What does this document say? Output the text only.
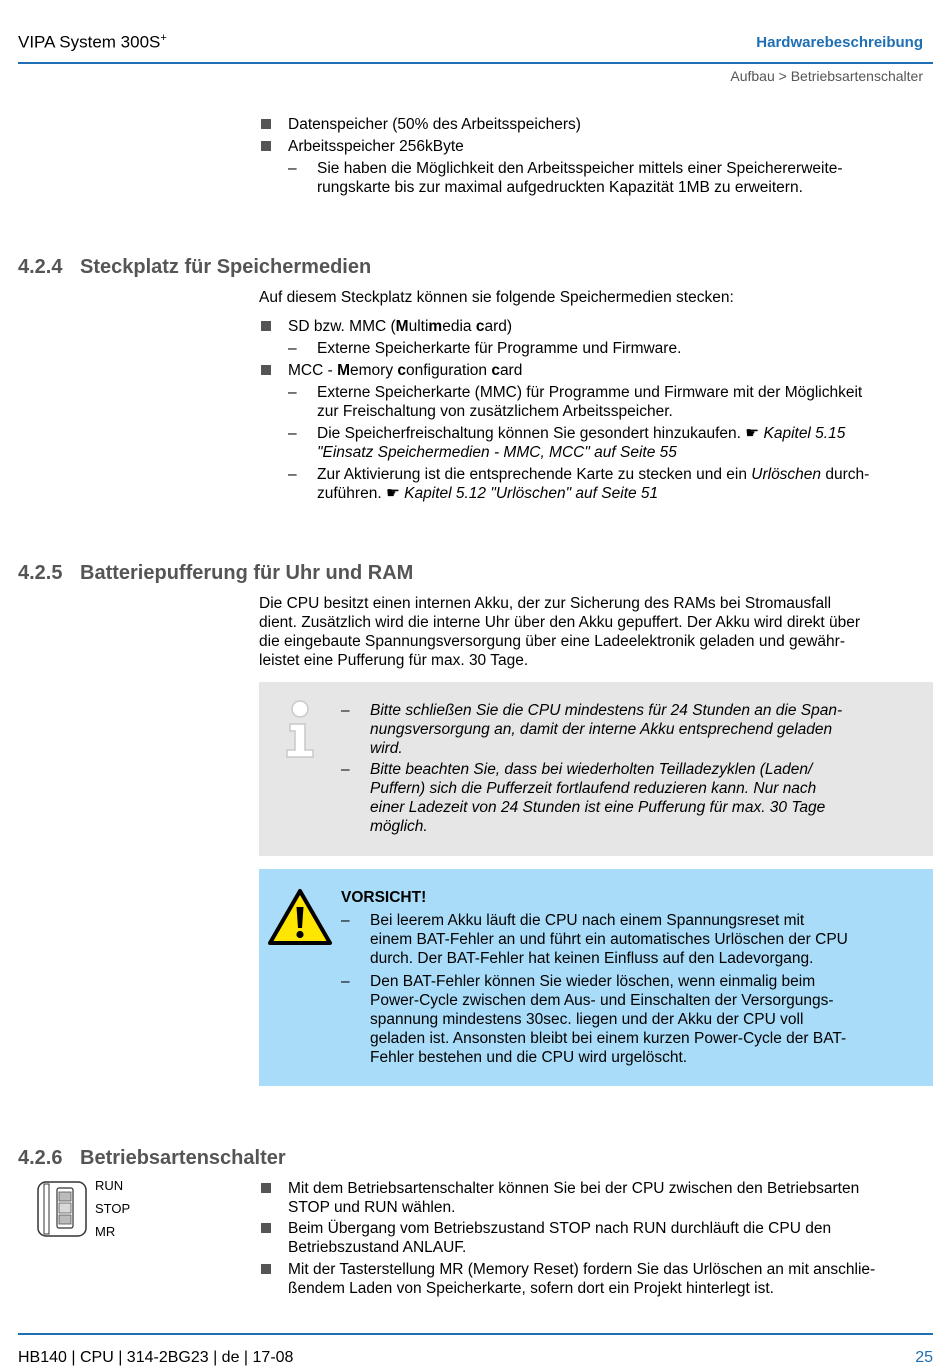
VIPA System 300S+	Hardwarebeschreibung
Aufbau > Betriebsartenschalter
Datenspeicher (50% des Arbeitsspeichers)
Arbeitsspeicher 256kByte
– Sie haben die Möglichkeit den Arbeitsspeicher mittels einer Speichererweite-
rungskarte bis zur maximal aufgedruckten Kapazität 1MB zu erweitern.
4.2.4 Steckplatz für Speichermedien
Auf diesem Steckplatz können sie folgende Speichermedien stecken:
SD bzw. MMC (Multimedia card)
– Externe Speicherkarte für Programme und Firmware.
MCC - Memory configuration card
– Externe Speicherkarte (MMC) für Programme und Firmware mit der Möglichkeit
zur Freischaltung von zusätzlichem Arbeitsspeicher.
– Die Speicherfreischaltung können Sie gesondert hinzukaufen. ☛ Kapitel 5.15
"Einsatz Speichermedien - MMC, MCC" auf Seite 55
– Zur Aktivierung ist die entsprechende Karte zu stecken und ein Urlöschen durch-
zuführen. ☛ Kapitel 5.12 "Urlöschen" auf Seite 51
4.2.5 Batteriepufferung für Uhr und RAM
Die CPU besitzt einen internen Akku, der zur Sicherung des RAMs bei Stromausfall
dient. Zusätzlich wird die interne Uhr über den Akku gepuffert. Der Akku wird direkt über
die eingebaute Spannungsversorgung über eine Ladeelektronik geladen und gewähr-
leistet eine Pufferung für max. 30 Tage.
– Bitte schließen Sie die CPU mindestens für 24 Stunden an die Span-
nungsversorgung an, damit der interne Akku entsprechend geladen
wird.
– Bitte beachten Sie, dass bei wiederholten Teilladezyklen (Laden/
Puffern) sich die Pufferzeit fortlaufend reduzieren kann. Nur nach
einer Ladezeit von 24 Stunden ist eine Pufferung für max. 30 Tage
möglich.
VORSICHT!
– Bei leerem Akku läuft die CPU nach einem Spannungsreset mit
einem BAT-Fehler an und führt ein automatisches Urlöschen der CPU
durch. Der BAT-Fehler hat keinen Einfluss auf den Ladevorgang.
– Den BAT-Fehler können Sie wieder löschen, wenn einmalig beim
Power-Cycle zwischen dem Aus- und Einschalten der Versorgungs-
spannung mindestens 30sec. liegen und der Akku der CPU voll
geladen ist. Ansonsten bleibt bei einem kurzen Power-Cycle der BAT-
Fehler bestehen und die CPU wird urgelöscht.
4.2.6 Betriebsartenschalter
RUN
STOP
MR
Mit dem Betriebsartenschalter können Sie bei der CPU zwischen den Betriebsarten
STOP und RUN wählen.
Beim Übergang vom Betriebszustand STOP nach RUN durchläuft die CPU den
Betriebszustand ANLAUF.
Mit der Tasterstellung MR (Memory Reset) fordern Sie das Urlöschen an mit anschlie-
ßendem Laden von Speicherkarte, sofern dort ein Projekt hinterlegt ist.
HB140 | CPU | 314-2BG23 | de | 17-08	25
